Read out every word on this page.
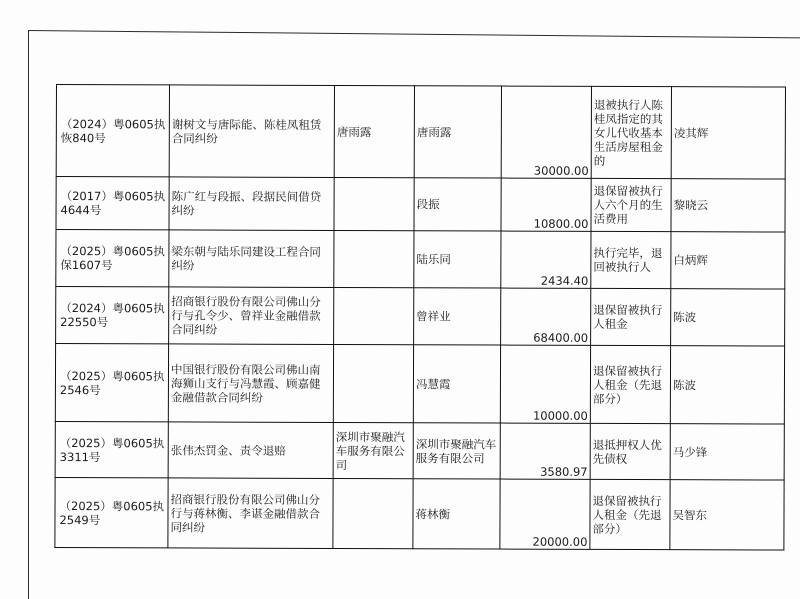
（2024）粤0605执恢840号	谢树文与唐际能、陈桂凤租赁合同纠纷	唐雨露	唐雨露	30000.00	退被执行人陈桂凤指定的其女儿代收基本生活房屋租金的	凌其辉
（2017）粤0605执4644号	陈广红与段振、段据民间借贷纠纷		段振	10800.00	退保留被执行人六个月的生活费用	黎晓云
（2025）粤0605执保1607号	梁东朝与陆乐同建设工程合同纠纷		陆乐同	2434.40	执行完毕，退回被执行人	白炳辉
（2024）粤0605执22550号	招商银行股份有限公司佛山分行与孔令少、曾祥业金融借款合同纠纷		曾祥业	68400.00	退保留被执行人租金	陈波
（2025）粤0605执2546号	中国银行股份有限公司佛山南海狮山支行与冯慧霞、顾嘉健金融借款合同纠纷		冯慧霞	10000.00	退保留被执行人租金（先退部分）	陈波
（2025）粤0605执3311号	张伟杰罚金、责令退赔	深圳市聚融汽车服务有限公司	深圳市聚融汽车服务有限公司	3580.97	退抵押权人优先债权	马少锋
（2025）粤0605执2549号	招商银行股份有限公司佛山分行与蒋林衡、李谌金融借款合同纠纷		蒋林衡	20000.00	退保留被执行人租金（先退部分）	吴智东
